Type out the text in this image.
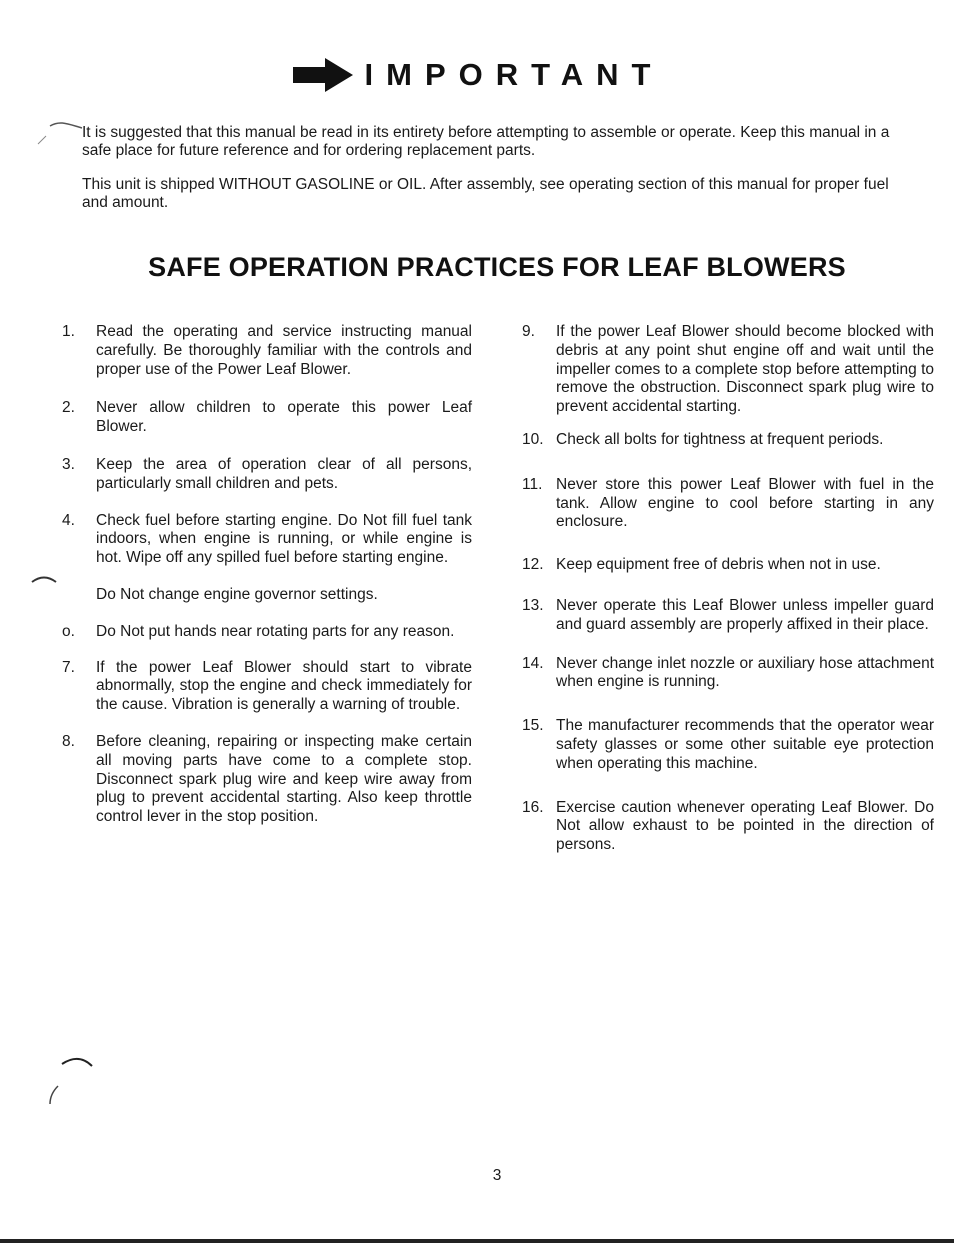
IMPORTANT

It is suggested that this manual be read in its entirety before attempting to assemble or operate. Keep this manual in a safe place for future reference and for ordering replacement parts.

This unit is shipped WITHOUT GASOLINE or OIL. After assembly, see operating section of this manual for proper fuel and amount.

SAFE OPERATION PRACTICES FOR LEAF BLOWERS
1.	Read the operating and service instructing manual carefully. Be thoroughly familiar with the controls and proper use of the Power Leaf Blower.
2.	Never allow children to operate this power Leaf Blower.
3.	Keep the area of operation clear of all persons, particularly small children and pets.
4.	Check fuel before starting engine. Do Not fill fuel tank indoors, when engine is running, or while engine is hot. Wipe off any spilled fuel before starting engine.
Do Not change engine governor settings.
o.	Do Not put hands near rotating parts for any reason.
7.	If the power Leaf Blower should start to vibrate abnormally, stop the engine and check immediately for the cause. Vibration is generally a warning of trouble.
8.	Before cleaning, repairing or inspecting make certain all moving parts have come to a complete stop. Disconnect spark plug wire and keep wire away from plug to prevent accidental starting. Also keep throttle control lever in the stop position.
9.	If the power Leaf Blower should become blocked with debris at any point shut engine off and wait until the impeller comes to a complete stop before attempting to remove the obstruction. Disconnect spark plug wire to prevent accidental starting.
10. Check all bolts for tightness at frequent periods.
11. Never store this power Leaf Blower with fuel in the tank. Allow engine to cool before starting in any enclosure.
12. Keep equipment free of debris when not in use.
13. Never operate this Leaf Blower unless impeller guard and guard assembly are properly affixed in their place.
14. Never change inlet nozzle or auxiliary hose attachment when engine is running.
15. The manufacturer recommends that the operator wear safety glasses or some other suitable eye protection when operating this machine.
16. Exercise caution whenever operating Leaf Blower. Do Not allow exhaust to be pointed in the direction of persons.
3
